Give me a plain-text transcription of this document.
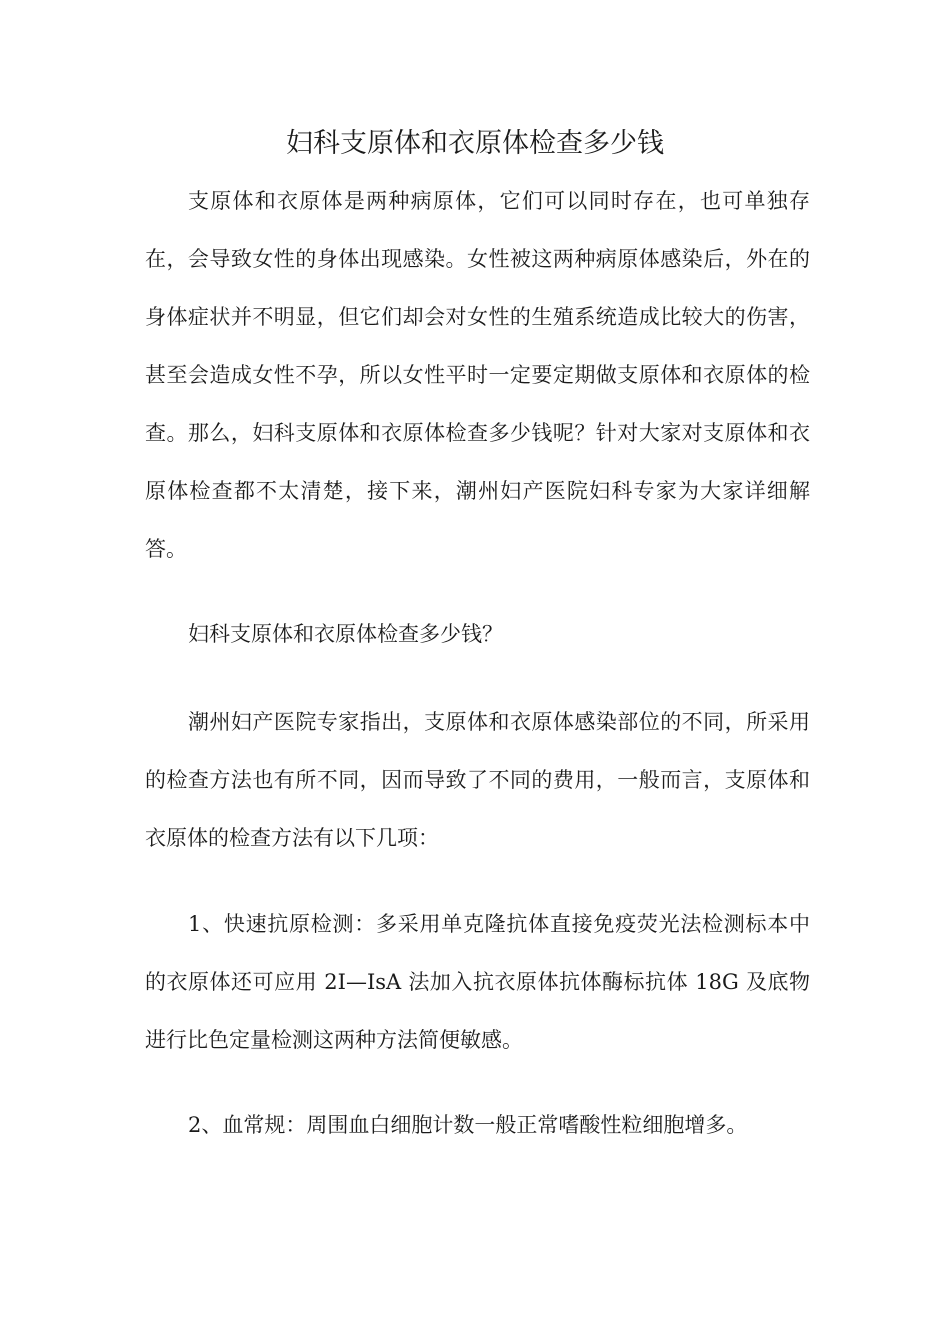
妇科支原体和衣原体检查多少钱

支原体和衣原体是两种病原体，它们可以同时存在，也可单独存在，会导致女性的身体出现感染。女性被这两种病原体感染后，外在的身体症状并不明显，但它们却会对女性的生殖系统造成比较大的伤害，甚至会造成女性不孕，所以女性平时一定要定期做支原体和衣原体的检查。那么，妇科支原体和衣原体检查多少钱呢？针对大家对支原体和衣原体检查都不太清楚，接下来，潮州妇产医院妇科专家为大家详细解答。

妇科支原体和衣原体检查多少钱？

潮州妇产医院专家指出，支原体和衣原体感染部位的不同，所采用的检查方法也有所不同，因而导致了不同的费用，一般而言，支原体和衣原体的检查方法有以下几项：

1、快速抗原检测：多采用单克隆抗体直接免疫荧光法检测标本中的衣原体还可应用 2I—IsA 法加入抗衣原体抗体酶标抗体 18G 及底物进行比色定量检测这两种方法简便敏感。

2、血常规：周围血白细胞计数一般正常嗜酸性粒细胞增多。
